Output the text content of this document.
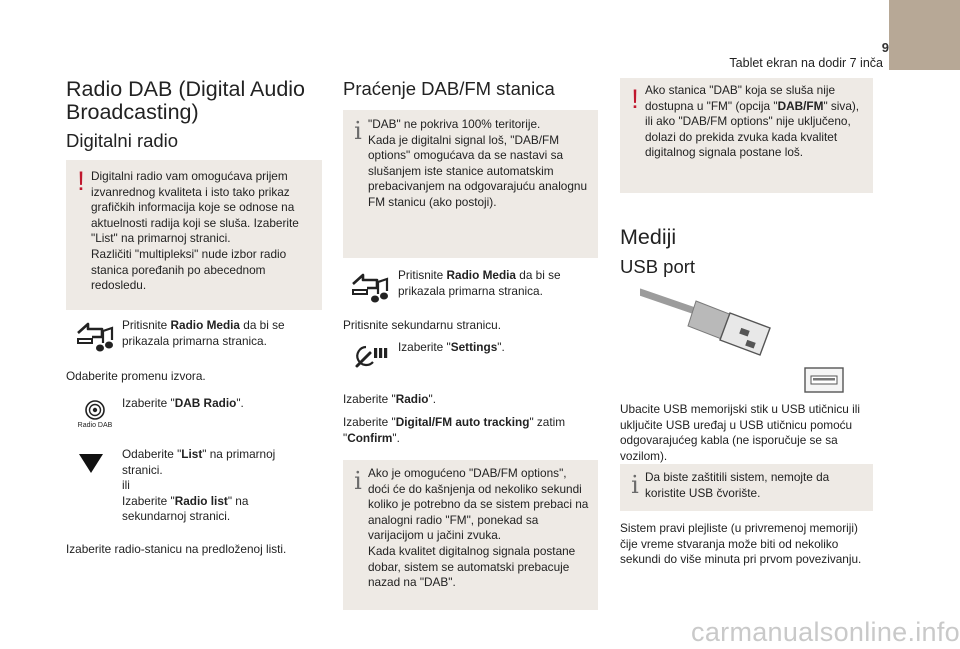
9
Tablet ekran na dodir 7 inča
Radio DAB (Digital Audio Broadcasting)
Digitalni radio
! Digitalni radio vam omogućava prijem izvanrednog kvaliteta i isto tako prikaz grafičkih informacija koje se odnose na aktuelnosti radija koji se sluša. Izaberite "List" na primarnoj stranici.
Različiti "multipleksi" nude izbor radio stanica poređanih po abecednom redosledu.
Pritisnite Radio Media da bi se
prikazala primarna stranica.
Odaberite promenu izvora.
Radio DAB
Izaberite "DAB Radio".
Odaberite "List" na primarnoj
stranici.
ili
Izaberite "Radio list" na
sekundarnoj stranici.
Izaberite radio-stanicu na predloženoj listi.
Praćenje DAB/FM stanica
i "DAB" ne pokriva 100% teritorije.
Kada je digitalni signal loš, "DAB/FM options" omogućava da se nastavi sa slušanjem iste stanice automatskim prebacivanjem na odgovarajuću analognu FM stanicu (ako postoji).
Pritisnite Radio Media da bi se
prikazala primarna stranica.
Pritisnite sekundarnu stranicu.
Izaberite "Settings".
Izaberite "Radio".
Izaberite "Digital/FM auto tracking" zatim
"Confirm".
i Ako je omogućeno "DAB/FM options", doći će do kašnjenja od nekoliko sekundi koliko je potrebno da se sistem prebaci na analogni radio "FM", ponekad sa varijacijom u jačini zvuka.
Kada kvalitet digitalnog signala postane dobar, sistem se automatski prebacuje nazad na "DAB".
! Ako stanica "DAB" koja se sluša nije
dostupna u "FM" (opcija "DAB/FM" siva),
ili ako "DAB/FM options" nije uključeno,
dolazi do prekida zvuka kada kvalitet
digitalnog signala postane loš.
Mediji
USB port
Ubacite USB memorijski stik u USB utičnicu ili uključite USB uređaj u USB utičnicu pomoću odgovarajućeg kabla (ne isporučuje se sa vozilom).
i Da biste zaštitili sistem, nemojte da
koristite USB čvorište.
Sistem pravi plejliste (u privremenoj memoriji) čije vreme stvaranja može biti od nekoliko sekundi do više minuta pri prvom povezivanju.
carmanualsonline.info
